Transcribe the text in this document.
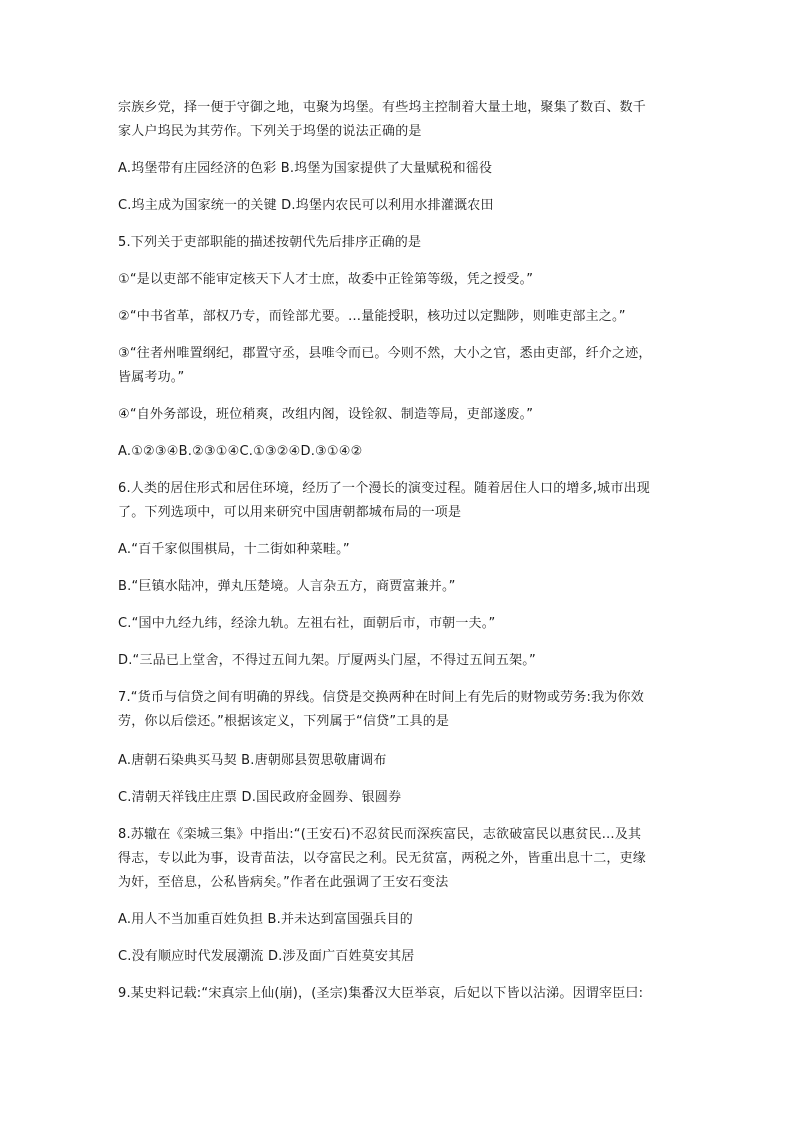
宗族乡党，择一便于守御之地，屯聚为坞堡。有些坞主控制着大量土地，聚集了数百、数千
家人户坞民为其劳作。下列关于坞堡的说法正确的是
A.坞堡带有庄园经济的色彩 B.坞堡为国家提供了大量赋税和徭役
C.坞主成为国家统一的关键 D.坞堡内农民可以利用水排灌溉农田
5.下列关于吏部职能的描述按朝代先后排序正确的是
①“是以吏部不能审定核天下人才士庶，故委中正铨第等级，凭之授受。”
②“中书省革，部权乃专，而铨部尤要。…量能授职，核功过以定黜陟，则唯吏部主之。”
③“往者州唯置纲纪，郡置守丞，县唯令而已。今则不然，大小之官，悉由吏部，纤介之迹，
皆属考功。”
④“自外务部设，班位稍爽，改组内阁，设铨叙、制造等局，吏部遂废。”
A.①②③④B.②③①④C.①③②④D.③①④②
6.人类的居住形式和居住环境，经历了一个漫长的演变过程。随着居住人口的增多,城市出现
了。下列选项中，可以用来研究中国唐朝都城布局的一项是
A.“百千家似围棋局，十二街如种菜畦。”
B.“巨镇水陆冲，弹丸压楚境。人言杂五方，商贾富兼并。”
C.“国中九经九纬，经涂九轨。左祖右社，面朝后市，市朝一夫。”
D.“三品已上堂舍，不得过五间九架。厅厦两头门屋，不得过五间五架。”
7.“货币与信贷之间有明确的界线。信贷是交换两种在时间上有先后的财物或劳务:我为你效
劳，你以后偿还。”根据该定义，下列属于“信贷”工具的是
A.唐朝石染典买马契 B.唐朝郧县贺思敬庸调布
C.清朝天祥钱庄庄票 D.国民政府金圆券、银圆券
8.苏辙在《栾城三集》中指出:“(王安石)不忍贫民而深疾富民，志欲破富民以惠贫民…及其
得志，专以此为事，设青苗法，以夺富民之利。民无贫富，两税之外，皆重出息十二，吏缘
为奸，至倍息，公私皆病矣。”作者在此强调了王安石变法
A.用人不当加重百姓负担 B.并未达到富国强兵目的
C.没有顺应时代发展潮流 D.涉及面广百姓莫安其居
9.某史料记载:“宋真宗上仙(崩)，(圣宗)集番汉大臣举哀，后妃以下皆以沾涕。因谓宰臣曰:
